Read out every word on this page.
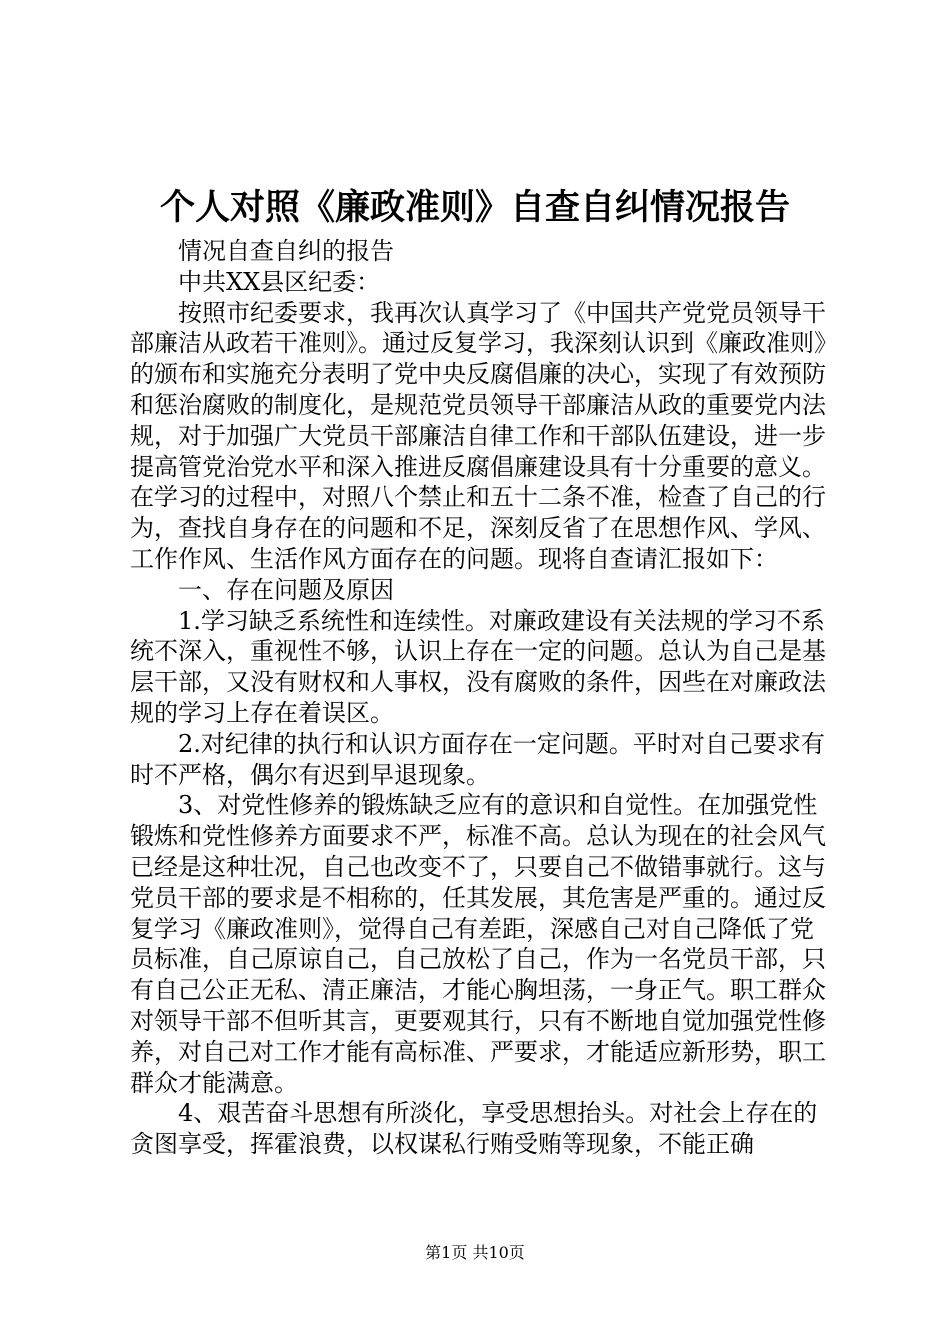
个人对照《廉政准则》自查自纠情况报告

情况自查自纠的报告

中共XX县区纪委：

按照市纪委要求，我再次认真学习了《中国共产党党员领导干部廉洁从政若干准则》。通过反复学习，我深刻认识到《廉政准则》的颁布和实施充分表明了党中央反腐倡廉的决心，实现了有效预防和惩治腐败的制度化，是规范党员领导干部廉洁从政的重要党内法规，对于加强广大党员干部廉洁自律工作和干部队伍建设，进一步提高管党治党水平和深入推进反腐倡廉建设具有十分重要的意义。在学习的过程中，对照八个禁止和五十二条不准，检查了自己的行为，查找自身存在的问题和不足，深刻反省了在思想作风、学风、工作作风、生活作风方面存在的问题。现将自查请汇报如下：

一、存在问题及原因

1.学习缺乏系统性和连续性。对廉政建设有关法规的学习不系统不深入，重视性不够，认识上存在一定的问题。总认为自己是基层干部，又没有财权和人事权，没有腐败的条件，因些在对廉政法规的学习上存在着误区。

2.对纪律的执行和认识方面存在一定问题。平时对自己要求有时不严格，偶尔有迟到早退现象。

3、对党性修养的锻炼缺乏应有的意识和自觉性。在加强党性锻炼和党性修养方面要求不严，标准不高。总认为现在的社会风气已经是这种壮况，自己也改变不了，只要自己不做错事就行。这与党员干部的要求是不相称的，任其发展，其危害是严重的。通过反复学习《廉政准则》，觉得自己有差距，深感自己对自己降低了党员标准，自己原谅自己，自己放松了自己，作为一名党员干部，只有自己公正无私、清正廉洁，才能心胸坦荡，一身正气。职工群众对领导干部不但听其言，更要观其行，只有不断地自觉加强党性修养，对自己对工作才能有高标准、严要求，才能适应新形势，职工群众才能满意。

4、艰苦奋斗思想有所淡化，享受思想抬头。对社会上存在的贪图享受，挥霍浪费，以权谋私行贿受贿等现象，不能正确

第1页 共10页
